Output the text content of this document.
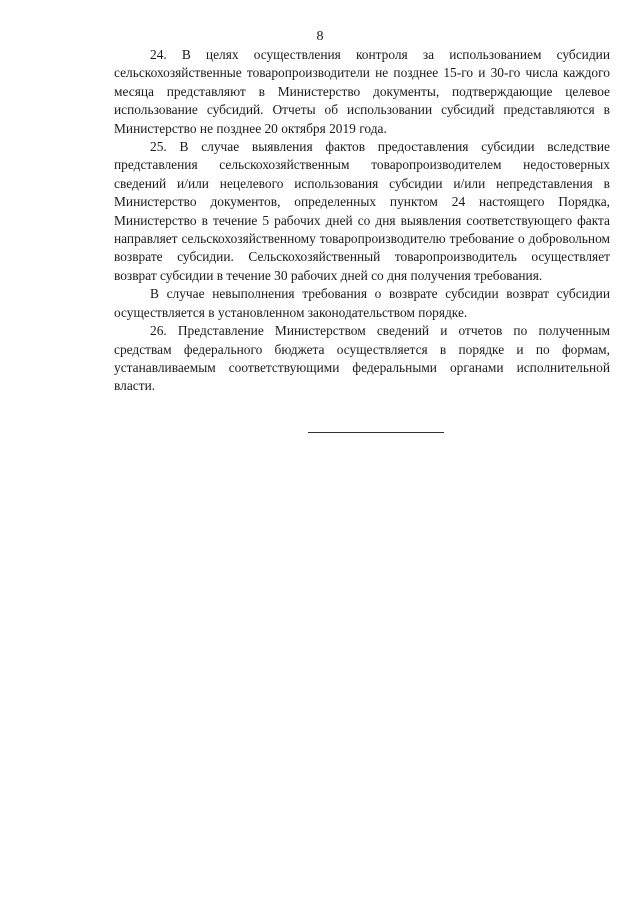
8

24. В целях осуществления контроля за использованием субсидии сельскохозяйственные товаропроизводители не позднее 15-го и 30-го числа каждого месяца представляют в Министерство документы, подтверждающие целевое использование субсидий. Отчеты об использовании субсидий представляются в Министерство не позднее 20 октября 2019 года.

25. В случае выявления фактов предоставления субсидии вследствие представления сельскохозяйственным товаропроизводителем недостоверных сведений и/или нецелевого использования субсидии и/или непредставления в Министерство документов, определенных пунктом 24 настоящего Порядка, Министерство в течение 5 рабочих дней со дня выявления соответствующего факта направляет сельскохозяйственному товаропроизводителю требование о добровольном возврате субсидии. Сельскохозяйственный товаропроизводитель осуществляет возврат субсидии в течение 30 рабочих дней со дня получения требования.

В случае невыполнения требования о возврате субсидии возврат субсидии осуществляется в установленном законодательством порядке.

26. Представление Министерством сведений и отчетов по полученным средствам федерального бюджета осуществляется в порядке и по формам, устанавливаемым соответствующими федеральными органами исполнительной власти.
